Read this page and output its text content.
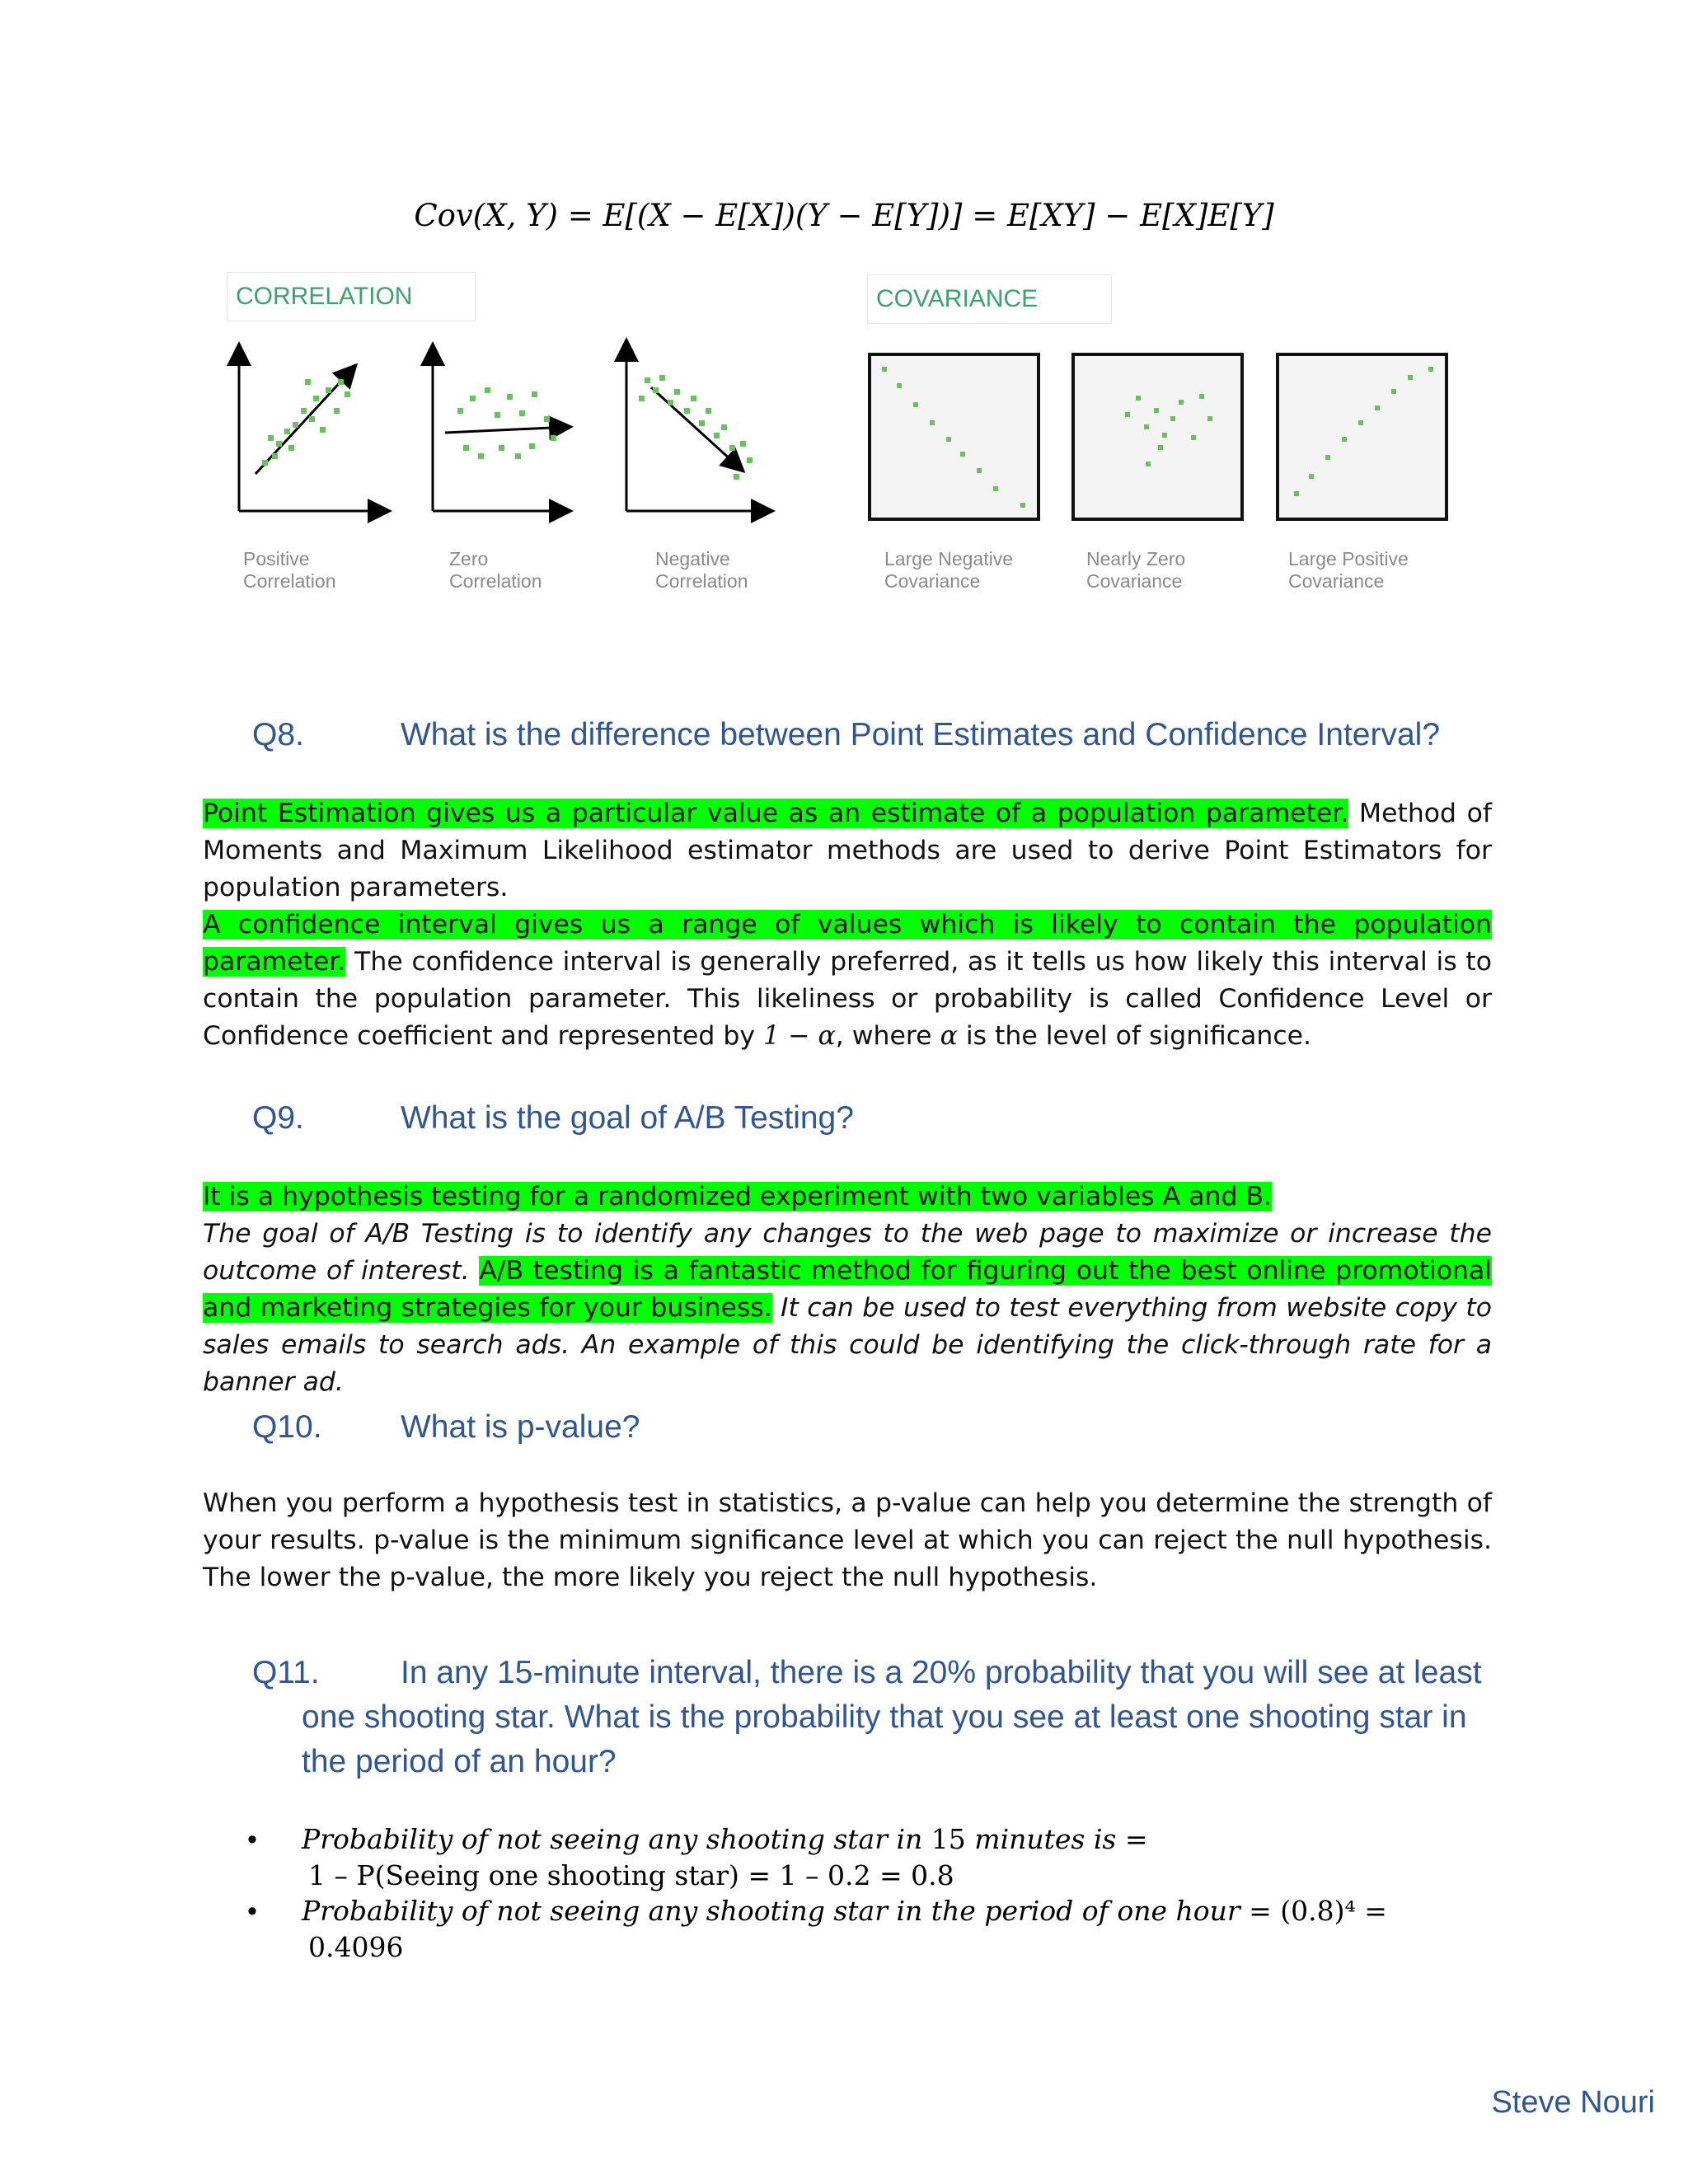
Cov(X, Y) = E[(X − E[X])(Y − E[Y])] = E[XY] − E[X]E[Y]
CORRELATION	COVARIANCE
Positive
Correlation
Zero
Correlation
Negative
Correlation
Large Negative
Covariance
Nearly Zero
Covariance
Large Positive
Covariance
Q8.	What is the difference between Point Estimates and Confidence Interval?

Point Estimation gives us a particular value as an estimate of a population parameter. Method of Moments and Maximum Likelihood estimator methods are used to derive Point Estimators for population parameters.
A confidence interval gives us a range of values which is likely to contain the population parameter. The confidence interval is generally preferred, as it tells us how likely this interval is to contain the population parameter. This likeliness or probability is called Confidence Level or Confidence coefficient and represented by 1 − α, where α is the level of significance.

Q9.	What is the goal of A/B Testing?

It is a hypothesis testing for a randomized experiment with two variables A and B.
The goal of A/B Testing is to identify any changes to the web page to maximize or increase the outcome of interest. A/B testing is a fantastic method for figuring out the best online promotional and marketing strategies for your business. It can be used to test everything from website copy to sales emails to search ads. An example of this could be identifying the click-through rate for a banner ad.

Q10. What is p-value?
When you perform a hypothesis test in statistics, a p-value can help you determine the strength of your results. p-value is the minimum significance level at which you can reject the null hypothesis. The lower the p-value, the more likely you reject the null hypothesis.
Q11.	In any 15-minute interval, there is a 20% probability that you will see at least
one shooting star. What is the probability that you see at least one shooting star in
the period of an hour?
• Probability of not seeing any shooting star in 15 minutes is =
1 – P(Seeing one shooting star) = 1 – 0.2 = 0.8
• Probability of not seeing any shooting star in the period of one hour = (0.8)⁴ =
0.4096
Steve Nouri
